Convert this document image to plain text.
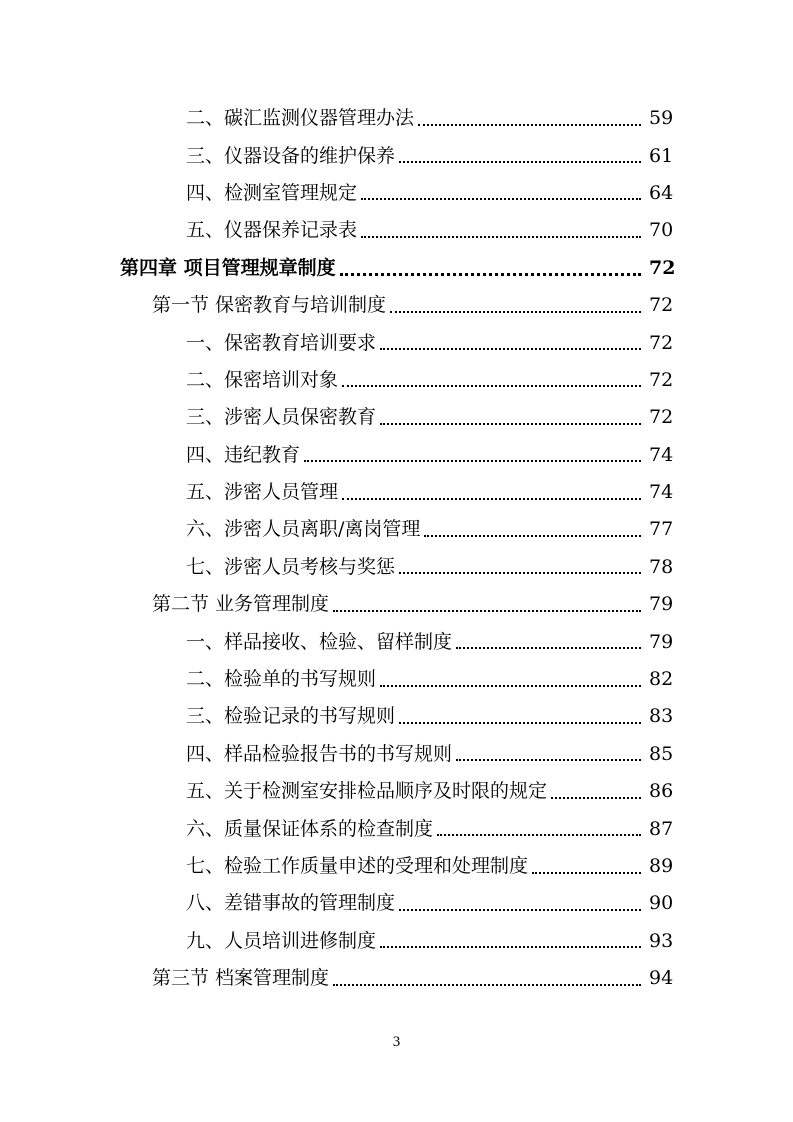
二、碳汇监测仪器管理办法	59
三、仪器设备的维护保养	61
四、检测室管理规定	64
五、仪器保养记录表	70
第四章 项目管理规章制度	72
第一节 保密教育与培训制度	72
一、保密教育培训要求	72
二、保密培训对象	72
三、涉密人员保密教育	72
四、违纪教育	74
五、涉密人员管理	74
六、涉密人员离职/离岗管理	77
七、涉密人员考核与奖惩	78
第二节 业务管理制度	79
一、样品接收、检验、留样制度	79
二、检验单的书写规则	82
三、检验记录的书写规则	83
四、样品检验报告书的书写规则	85
五、关于检测室安排检品顺序及时限的规定	86
六、质量保证体系的检查制度	87
七、检验工作质量申述的受理和处理制度	89
八、差错事故的管理制度	90
九、人员培训进修制度	93
第三节 档案管理制度	94
3
